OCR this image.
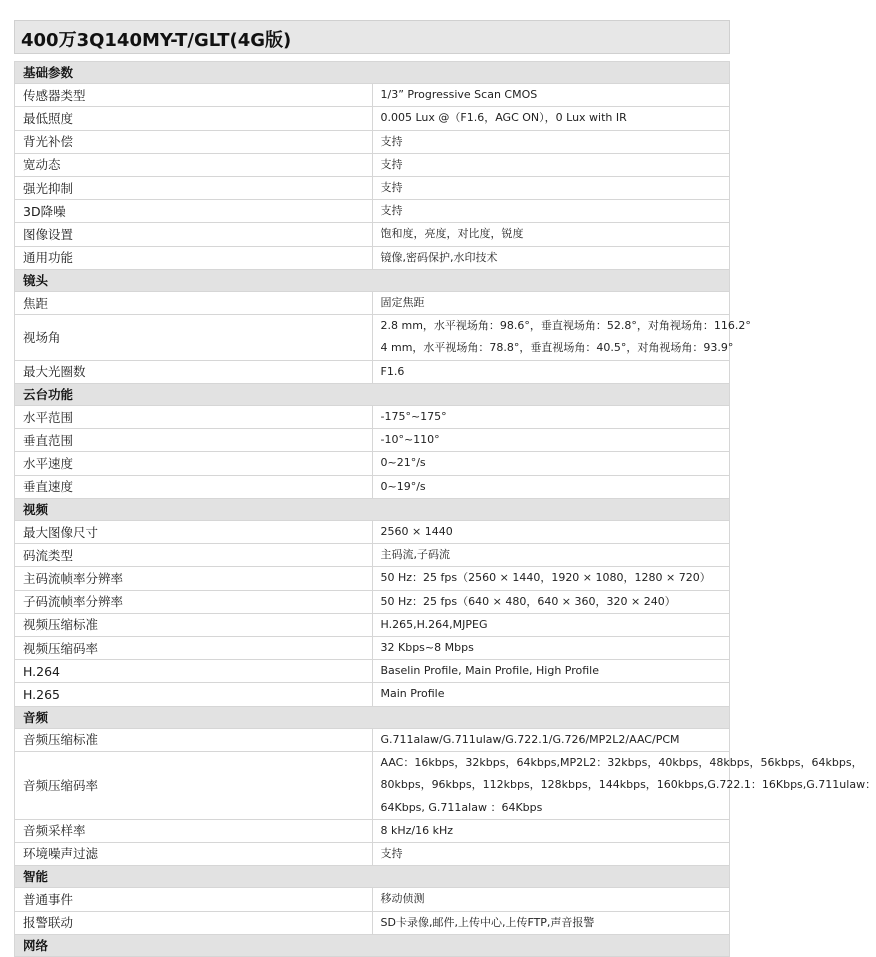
400万3Q140MY-T/GLT(4G版)
基础参数	
传感器类型	1/3” Progressive Scan CMOS

最低照度	0.005 Lux @（F1.6，AGC ON），0 Lux with IR

背光补偿	支持

宽动态	支持

强光抑制	支持

3D降噪	支持

图像设置	饱和度，亮度，对比度，锐度

通用功能	镜像,密码保护,水印技术

镜头	
焦距	固定焦距

视场角	2.8 mm，水平视场角：98.6°，垂直视场角：52.8°，对角视场角：116.2°
4 mm，水平视场角：78.8°，垂直视场角：40.5°，对角视场角：93.9°

最大光圈数	F1.6

云台功能	
水平范围	-175°~175°

垂直范围	-10°~110°

水平速度	0~21°/s

垂直速度	0~19°/s

视频	
最大图像尺寸	2560 × 1440

码流类型	主码流,子码流

主码流帧率分辨率	50 Hz：25 fps（2560 × 1440，1920 × 1080，1280 × 720）

子码流帧率分辨率	50 Hz：25 fps（640 × 480，640 × 360，320 × 240）

视频压缩标准	H.265,H.264,MJPEG

视频压缩码率	32 Kbps~8 Mbps

H.264	Baselin Profile, Main Profile, High Profile

H.265	Main Profile

音频	
音频压缩标准	G.711alaw/G.711ulaw/G.722.1/G.726/MP2L2/AAC/PCM

音频压缩码率	AAC：16kbps，32kbps，64kbps,MP2L2：32kbps，40kbps，48kbps，56kbps，64kbps，
80kbps，96kbps，112kbps，128kbps，144kbps，160kbps,G.722.1：16Kbps,G.711ulaw：
64Kbps, G.711alaw ：64Kbps

音频采样率	8 kHz/16 kHz

环境噪声过滤	支持

智能	
普通事件	移动侦测

报警联动	SD卡录像,邮件,上传中心,上传FTP,声音报警

网络	
